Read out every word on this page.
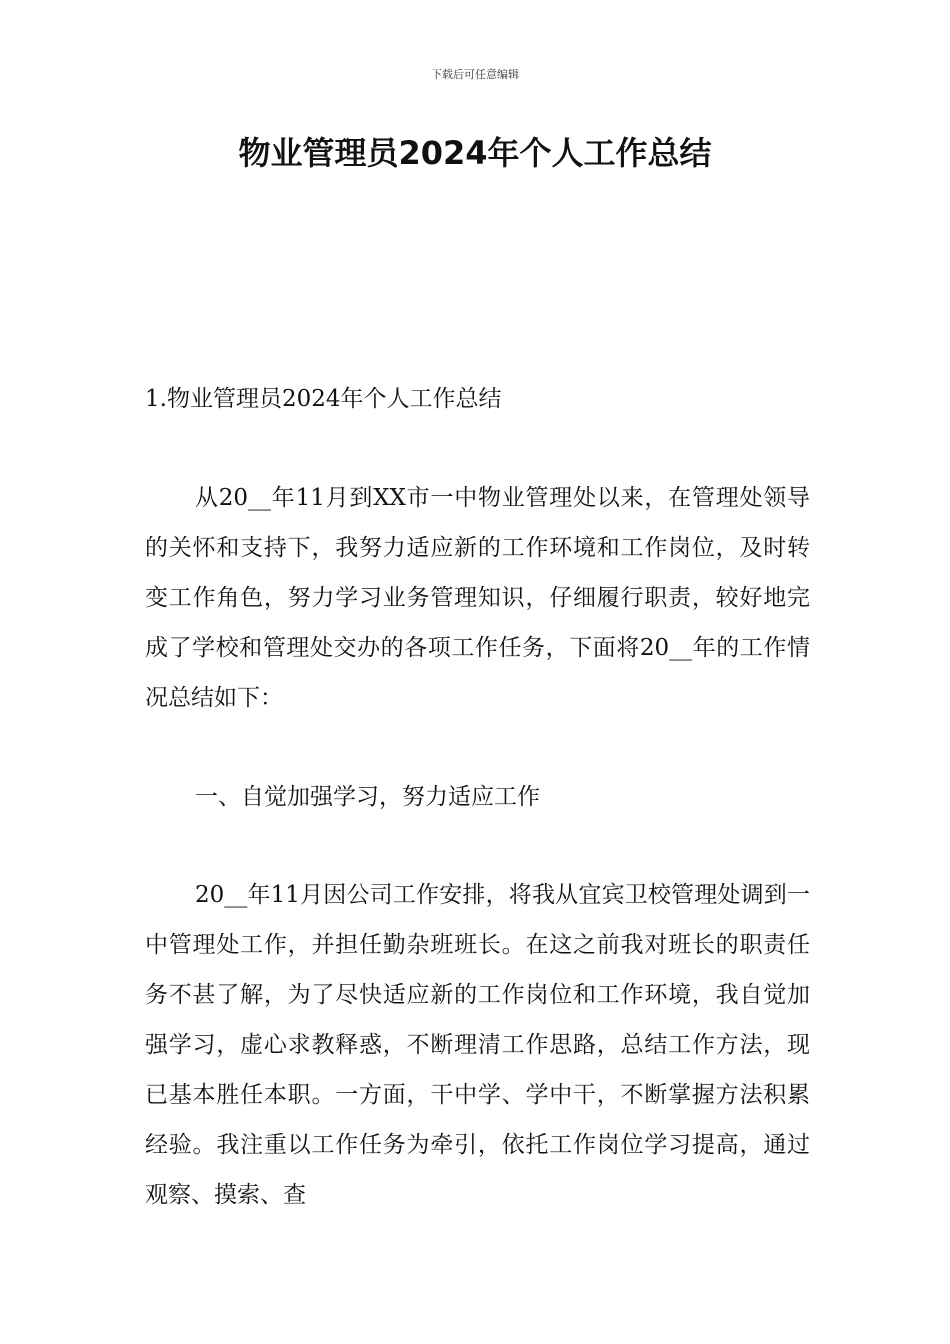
下载后可任意编辑
物业管理员2024年个人工作总结
1.物业管理员2024年个人工作总结

从20__年11月到XX市一中物业管理处以来，在管理处领导的关怀和支持下，我努力适应新的工作环境和工作岗位，及时转变工作角色，努力学习业务管理知识，仔细履行职责，较好地完成了学校和管理处交办的各项工作任务，下面将20__年的工作情况总结如下：

一、自觉加强学习，努力适应工作

20__年11月因公司工作安排，将我从宜宾卫校管理处调到一中管理处工作，并担任勤杂班班长。在这之前我对班长的职责任务不甚了解，为了尽快适应新的工作岗位和工作环境，我自觉加强学习，虚心求教释惑，不断理清工作思路，总结工作方法，现已基本胜任本职。一方面，干中学、学中干，不断掌握方法积累经验。我注重以工作任务为牵引，依托工作岗位学习提高，通过观察、摸索、查
